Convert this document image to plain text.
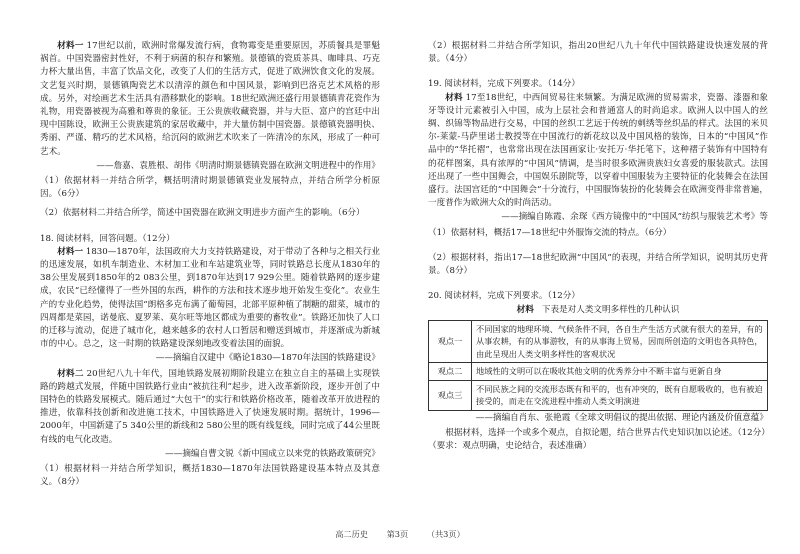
材料一 17世纪以前，欧洲时常爆发流行病，食物霉变是重要原因，苏质餐具是罪魁祸首。中国瓷器密封性好，不利于病菌的积存和繁殖。景德镇的瓷质茶具、咖啡具、巧克力杯大量出售，丰富了饮品文化，改变了人们的生活方式，促进了欧洲饮食文化的发展。文艺复兴时期，景德镇陶瓷艺术以清淳的颜色和中国风景，影响到巴洛克艺术风格的形成。另外，对绘画艺术生活具有潜移默化的影响。18世纪欧洲还盛行用景德镇青花瓷作为礼物，用瓷器被视为高雅和尊贵的象征。王公贵族收藏瓷器，并与大臣、富户的宫廷中出现中国陈设，欧洲王公贵族建筑的家居收藏中，并大量仿制中国瓷器。景德镇瓷器明快、秀丽、严谨、精巧的艺术风格，给沉闷的欧洲艺术吹来了一阵清冷的东风，形成了一种可艺术。

——詹嘉、袁胜根、胡伟《明清时期景德镇瓷器在欧洲文明进程中的作用》

（1）依据材料一并结合所学，概括明清时期景德镇瓷业发展特点，并结合所学分析原因。（6分）

（2）依据材料二并结合所学，简述中国瓷器在欧洲文明进步方面产生的影响。（6分）

18. 阅读材料，回答问题。（12分）

材料一 1830—1870年，法国政府大力支持铁路建设，对于带动了各种与之相关行业的迅速发展，如机车制造业、木材加工业和车站建筑业等，同时铁路总长度从1830年的38公里发展到1850年的2 083公里，到1870年达到17 929公里。随着铁路网的逐步建成，农民“已经懂得了一些外国的东西，耕作的方法和技术逐步地开始发生变化”。农业生产的专业化趋势，使得法国“朗格多克布满了葡萄园，北部平原种植了制糖的甜菜，城市的四周都是菜园，诺曼底、夏罗莱、莫尔旺等地区都成为重要的畜牧业”。铁路还加快了人口的迁移与流动，促进了城市化，越来越多的农村人口暂居和赠送到城市，并逐渐成为新城市的中心。总之，这一时期的铁路建设深刻地改变着法国的面貌。

——摘编自汉建中《略论1830—1870年法国的铁路建设》

材料二 20世纪八九十年代，国地铁路发展初期阶段建立在独立自主的基础上实现铁路的跨越式发展，伴随中国铁路行业由“被抗往利”起步，进入改革新阶段，逐步开创了中国特色的铁路发展模式。随后通过“大包干”的实行和铁路价格改革，随着改革开放进程的推进，依靠科技创新和改进施工技术，中国铁路进入了快速发展时期。据统计，1996—2000年，中国新建了5 340公里的新线和2 580公里的既有线复线，同时完成了44公里既有线的电气化改造。

——摘编自曹文锐《新中国成立以来党的铁路政策研究》

（1）根据材料一并结合所学知识，概括1830—1870年法国铁路建设基本特点及其意义。（8分）

（2）根据材料二并结合所学知识，指出20世纪八九十年代中国铁路建设快速发展的背景。（4分）

19. 阅读材料，完成下列要求。（14分）

材料 17至18世纪，中西间贸易往来频繁。为满足欧洲的贸易需求，瓷器、漆器和象牙等设计元素被引入中国，成为上层社会和普通富人的时尚追求。欧洲人以中国人的丝绸、织锦等物品进行交易，中国的丝织工艺远于传统的刺绣等丝织品的样式。法国的米贝尔-莱蒙-马萨里诺士教授等在中国流行的新花纹以及中国风格的装饰，日本的“中国风”作品中的“华托褶”，也常常出现在法国画家让·安托万·华托笔下，这种褶子装饰有中国特有的花样图案，具有浓厚的“中国风”情调，是当时很多欧洲贵族妇女喜爱的服装款式。法国还出现了一些中国舞会，中国娱乐剧院等，以穿着中国服装为主要特征的化装舞会在法国盛行。法国宫廷的“中国舞会”十分流行，中国服饰装扮的化装舞会在欧洲变得非常普遍，一度普作为欧洲大众的时尚活动。

——摘编自陈霞、余琛《西方镜像中的“中国风”纺织与服装艺术考》等

（1）依据材料，概括17—18世纪中外服饰交流的特点。（6分）

（2）根据材料，指出17—18世纪欧洲“中国风”的表现，并结合所学知识，说明其历史背景。（8分）

20. 阅读材料，完成下列要求。（12分）

材料 下表是对人类文明多样性的几种认识

观点一	不同国家的地理环境、气候条件不同，各自生产生活方式就有很大的差异，有的从事农耕，有的从事游牧，有的从事海上贸易，因而所创造的文明也各具特色，由此呈现出人类文明多样性的客观状况
观点二	地域性的文明可以在吸收其他文明的优秀养分中不断丰富与更新自身
观点三	不同民族之间的交流形态既有和平的，也有冲突的，既有自愿吸收的，也有被迫接受的，而走在交流进程中推动人类文明演进

——摘编自肖东、张艳霞《全球文明倡议的提出依据、理论内涵及价值意蕴》

根据材料，选择一个或多个观点，自拟论题，结合世界古代史知识加以论述。（12分）

（要求：观点明确，史论结合，表述准确）

高二历史 第3页 （共3页）
